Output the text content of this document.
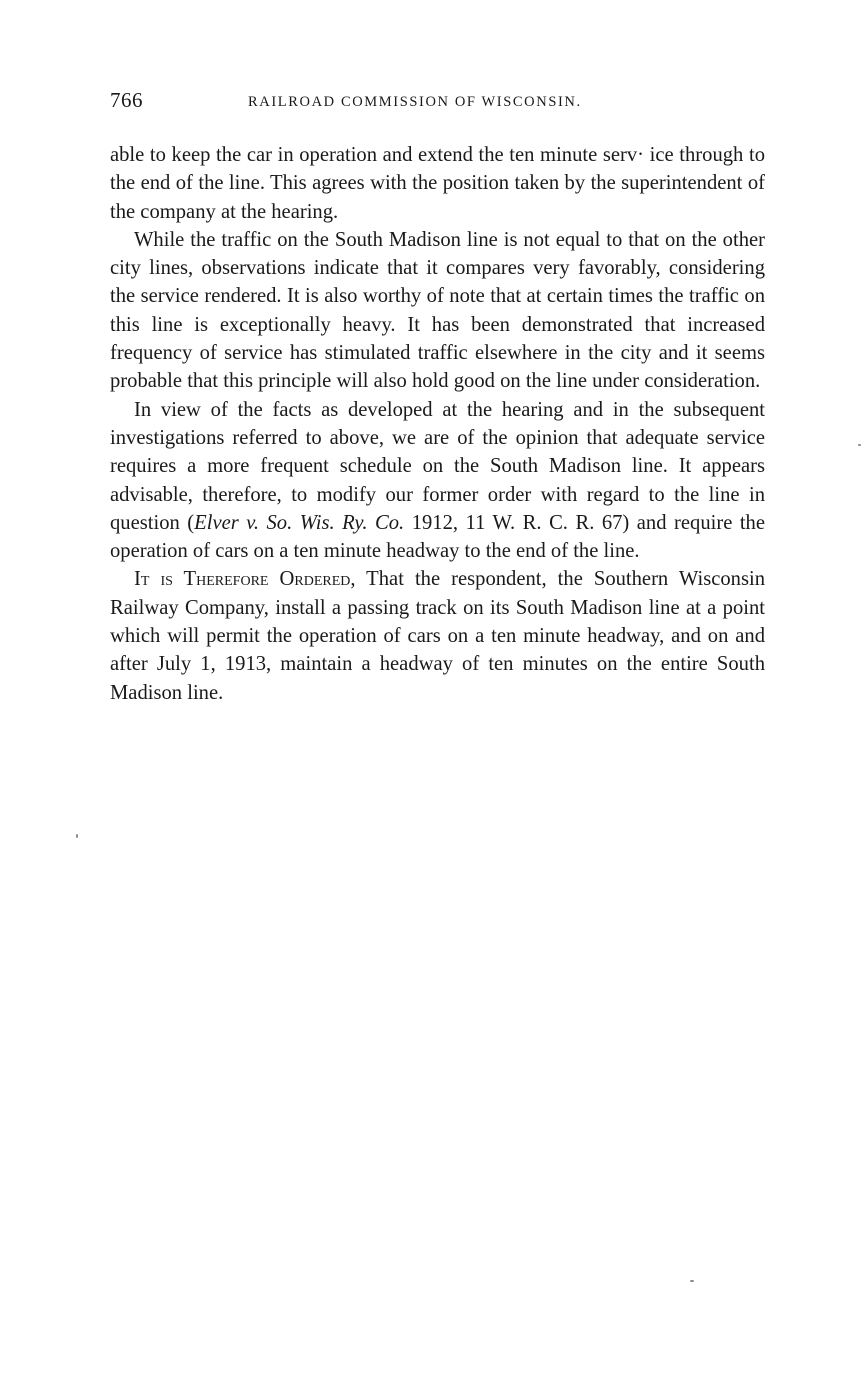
766	RAILROAD COMMISSION OF WISCONSIN.

able to keep the car in operation and extend the ten minute serv· ice through to the end of the line. This agrees with the position taken by the superintendent of the company at the hearing.

While the traffic on the South Madison line is not equal to that on the other city lines, observations indicate that it compares very favorably, considering the service rendered. It is also worthy of note that at certain times the traffic on this line is exceptionally heavy. It has been demonstrated that increased frequency of service has stimulated traffic elsewhere in the city and it seems probable that this principle will also hold good on the line under consideration.

In view of the facts as developed at the hearing and in the subsequent investigations referred to above, we are of the opinion that adequate service requires a more frequent schedule on the South Madison line. It appears advisable, therefore, to modify our former order with regard to the line in question (Elver v. So. Wis. Ry. Co. 1912, 11 W. R. C. R. 67) and require the operation of cars on a ten minute headway to the end of the line.

It is Therefore Ordered, That the respondent, the Southern Wisconsin Railway Company, install a passing track on its South Madison line at a point which will permit the operation of cars on a ten minute headway, and on and after July 1, 1913, maintain a headway of ten minutes on the entire South Madison line.
